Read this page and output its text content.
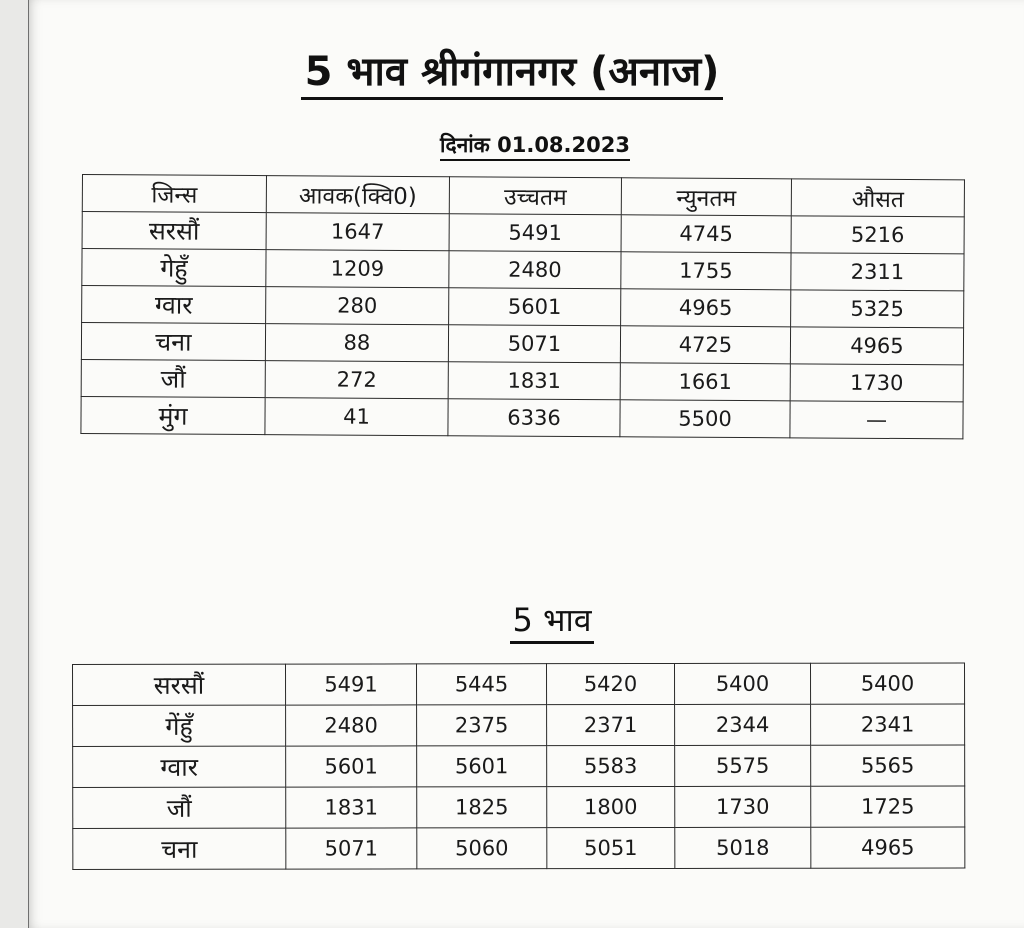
5 भाव श्रीगंगानगर (अनाज)
दिनांक 01.08.2023
जिन्स	आवक(क्वि0)	उच्चतम	न्युनतम	औसत
सरसौं	1647	5491	4745	5216
गेहुँ	1209	2480	1755	2311
ग्वार	280	5601	4965	5325
चना	88	5071	4725	4965
जौं	272	1831	1661	1730
मुंग	41	6336	5500	—
5 भाव
सरसौं	5491	5445	5420	5400	5400
गेंहुँ	2480	2375	2371	2344	2341
ग्वार	5601	5601	5583	5575	5565
जौं	1831	1825	1800	1730	1725
चना	5071	5060	5051	5018	4965
